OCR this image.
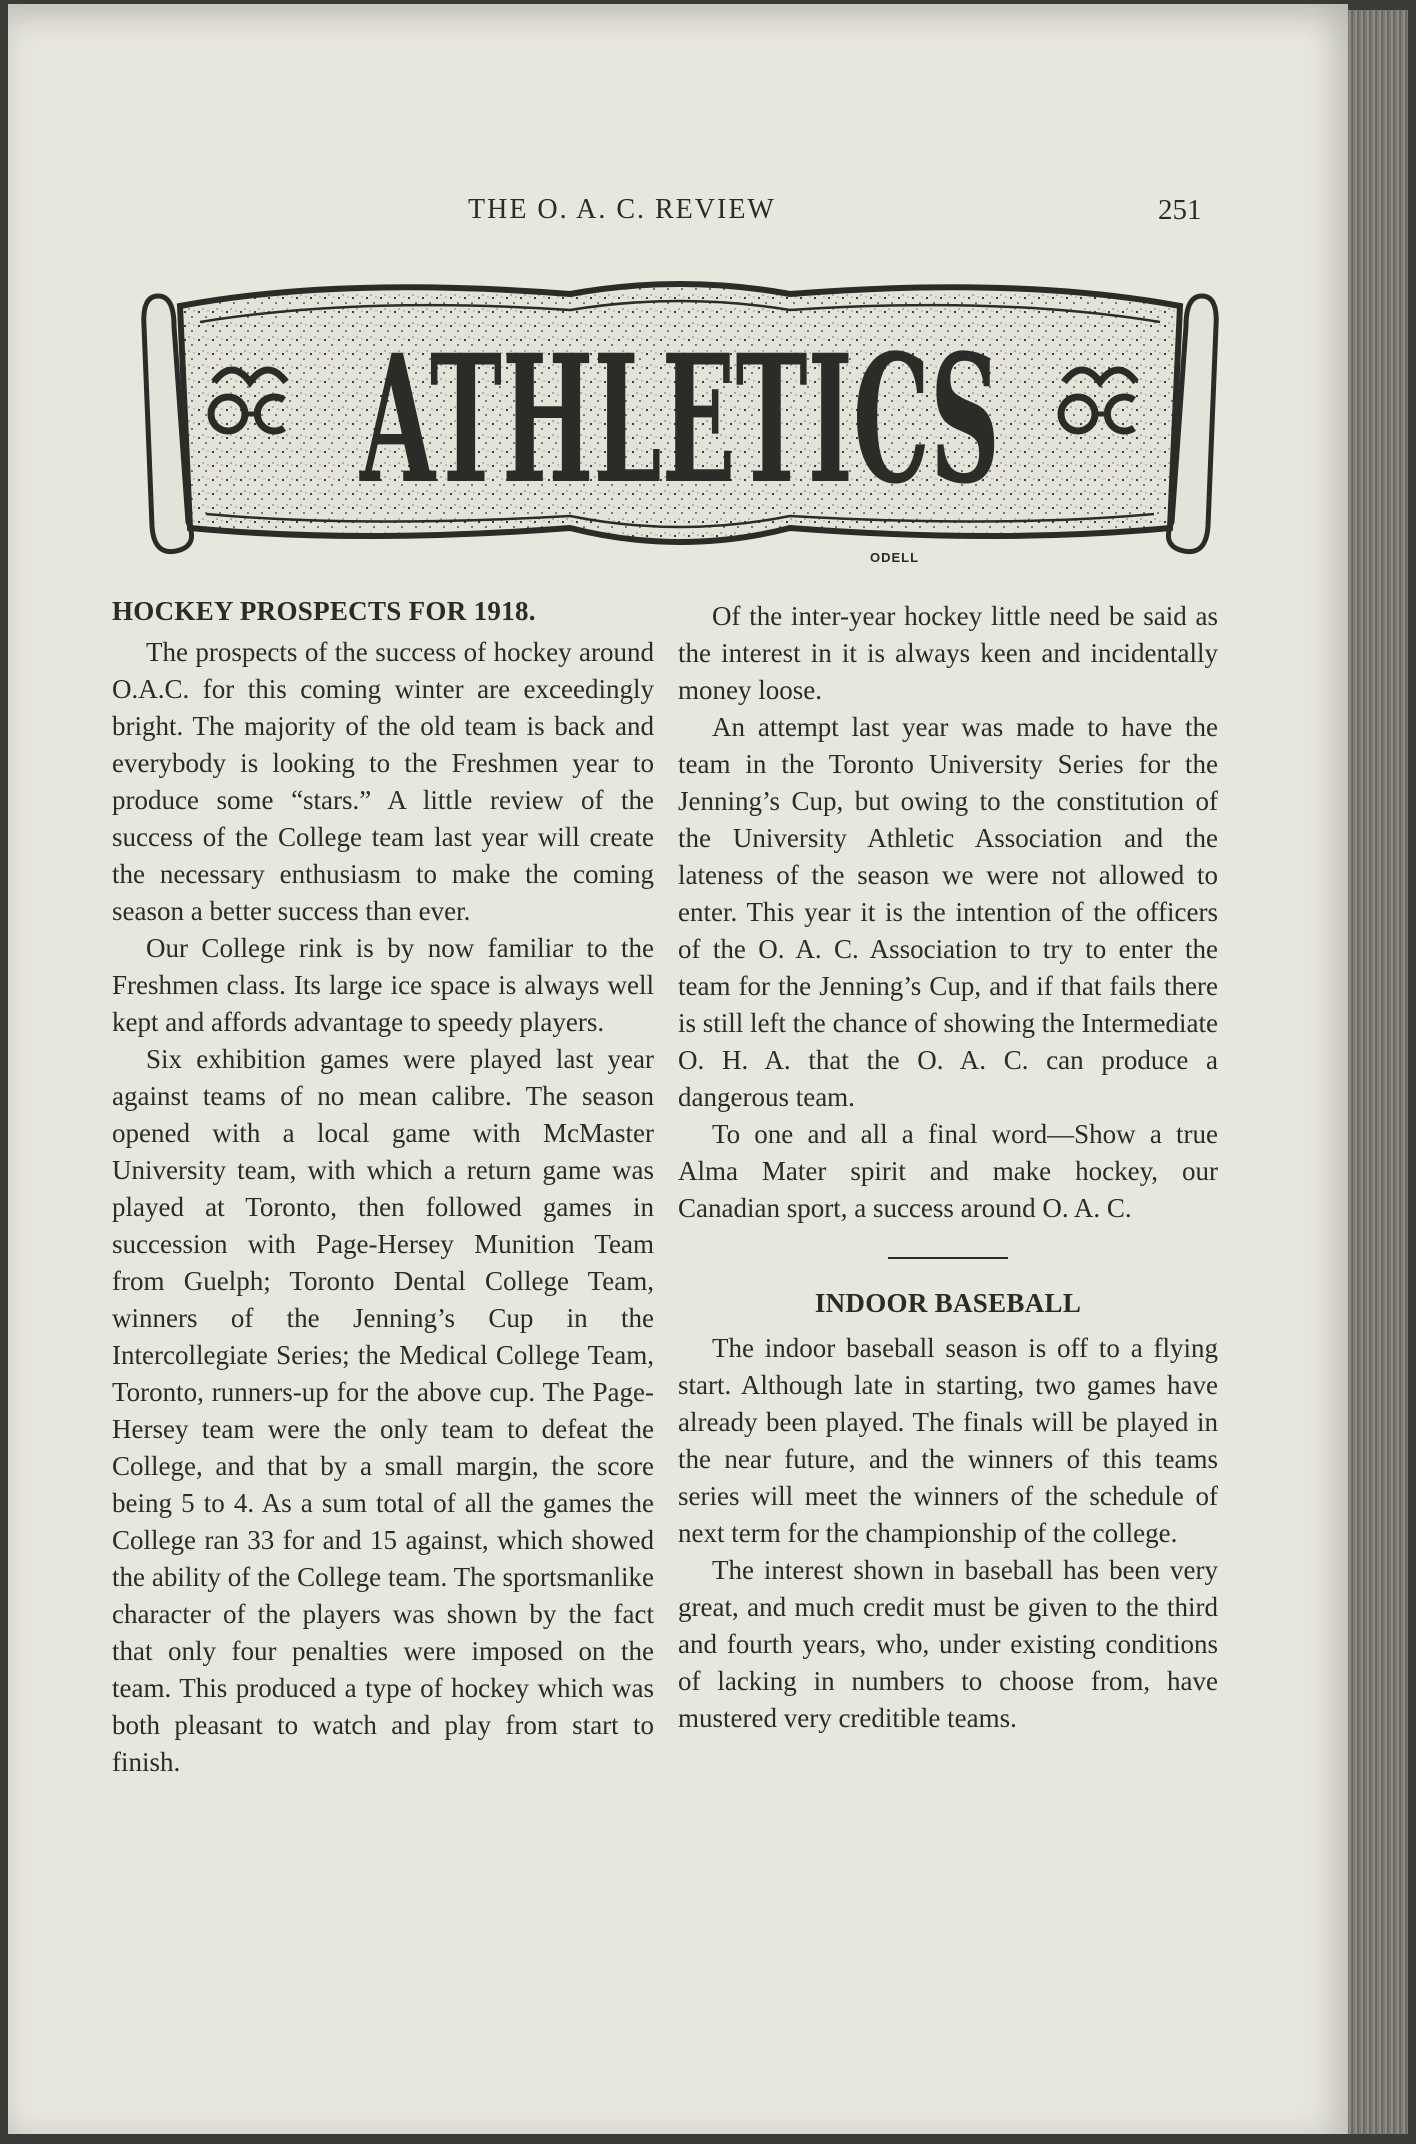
THE O. A. C. REVIEW	251
ATHLETICS
ODELL
HOCKEY PROSPECTS FOR 1918.

The prospects of the success of hockey around O.A.C. for this coming winter are exceedingly bright. The majority of the old team is back and everybody is looking to the Freshmen year to produce some “stars.” A little review of the success of the College team last year will create the necessary enthusiasm to make the coming season a better success than ever.

Our College rink is by now familiar to the Freshmen class. Its large ice space is always well kept and affords advantage to speedy players.

Six exhibition games were played last year against teams of no mean calibre. The season opened with a local game with McMaster University team, with which a return game was played at Toronto, then followed games in succession with Page-Hersey Munition Team from Guelph; Toronto Dental College Team, winners of the Jenning’s Cup in the Intercollegiate Series; the Medical College Team, Toronto, runners-up for the above cup. The Page-Hersey team were the only team to defeat the College, and that by a small margin, the score being 5 to 4. As a sum total of all the games the College ran 33 for and 15 against, which showed the ability of the College team. The sportsmanlike character of the players was shown by the fact that only four penalties were imposed on the team. This produced a type of hockey which was both pleasant to watch and play from start to finish.

Of the inter-year hockey little need be said as the interest in it is always keen and incidentally money loose.

An attempt last year was made to have the team in the Toronto University Series for the Jenning’s Cup, but owing to the constitution of the University Athletic Association and the lateness of the season we were not allowed to enter. This year it is the intention of the officers of the O. A. C. Association to try to enter the team for the Jenning’s Cup, and if that fails there is still left the chance of showing the Intermediate O. H. A. that the O. A. C. can produce a dangerous team.

To one and all a final word—Show a true Alma Mater spirit and make hockey, our Canadian sport, a success around O. A. C.

INDOOR BASEBALL

The indoor baseball season is off to a flying start. Although late in starting, two games have already been played. The finals will be played in the near future, and the winners of this teams series will meet the winners of the schedule of next term for the championship of the college.

The interest shown in baseball has been very great, and much credit must be given to the third and fourth years, who, under existing conditions of lacking in numbers to choose from, have mustered very creditible teams.
